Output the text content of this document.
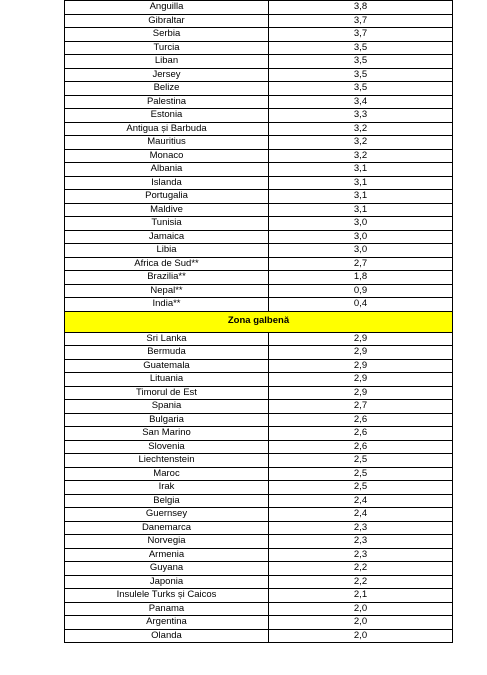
Anguilla	3,8
Gibraltar	3,7
Serbia	3,7
Turcia	3,5
Liban	3,5
Jersey	3,5
Belize	3,5
Palestina	3,4
Estonia	3,3
Antigua și Barbuda	3,2
Mauritius	3,2
Monaco	3,2
Albania	3,1
Islanda	3,1
Portugalia	3,1
Maldive	3,1
Tunisia	3,0
Jamaica	3,0
Libia	3,0
Africa de Sud**	2,7
Brazilia**	1,8
Nepal**	0,9
India**	0,4
Zona galbenă	
Sri Lanka	2,9
Bermuda	2,9
Guatemala	2,9
Lituania	2,9
Timorul de Est	2,9
Spania	2,7
Bulgaria	2,6
San Marino	2,6
Slovenia	2,6
Liechtenstein	2,5
Maroc	2,5
Irak	2,5
Belgia	2,4
Guernsey	2,4
Danemarca	2,3
Norvegia	2,3
Armenia	2,3
Guyana	2,2
Japonia	2,2
Insulele Turks și Caicos	2,1
Panama	2,0
Argentina	2,0
Olanda	2,0
